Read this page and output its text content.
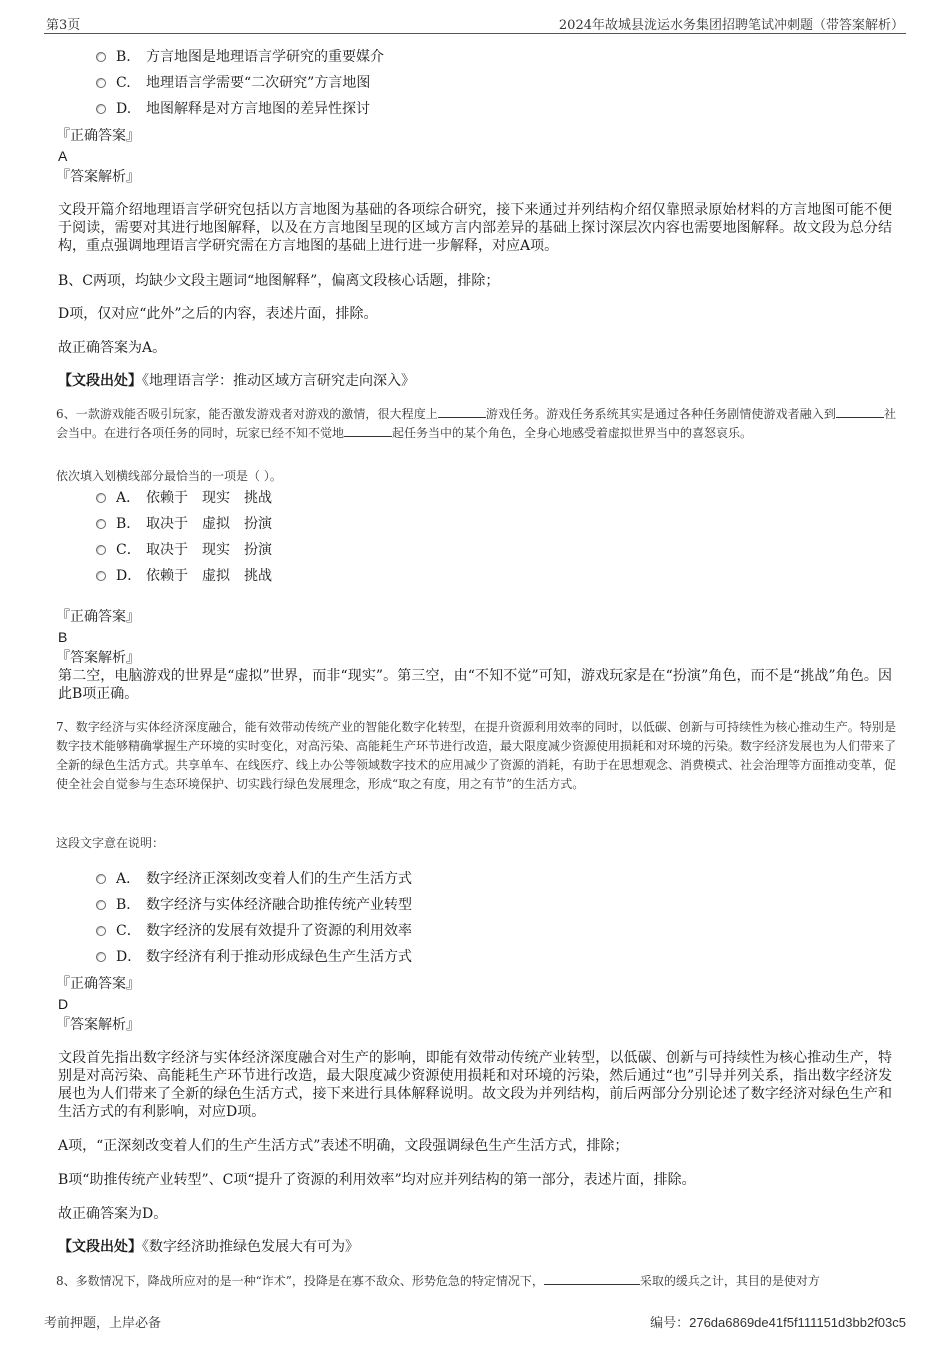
第3页	2024年故城县泷运水务集团招聘笔试冲刺题（带答案解析）
B. 方言地图是地理语言学研究的重要媒介
C. 地理语言学需要“二次研究”方言地图
D. 地图解释是对方言地图的差异性探讨
『正确答案』
A
『答案解析』
文段开篇介绍地理语言学研究包括以方言地图为基础的各项综合研究，接下来通过并列结构介绍仅靠照录原始材料的方言地图可能不便于阅读，需要对其进行地图解释，以及在方言地图呈现的区域方言内部差异的基础上探讨深层次内容也需要地图解释。故文段为总分结构，重点强调地理语言学研究需在方言地图的基础上进行进一步解释，对应A项。
B、C两项，均缺少文段主题词“地图解释”，偏离文段核心话题，排除；
D项，仅对应“此外”之后的内容，表述片面，排除。
故正确答案为A。
【文段出处】《地理语言学：推动区域方言研究走向深入》
6、一款游戏能否吸引玩家，能否激发游戏者对游戏的激情，很大程度上	游戏任务。游戏任务系统其实是通过各种任务剧情使游戏者融入到	社会当中。在进行各项任务的同时，玩家已经不知不觉地	起任务当中的某个角色，全身心地感受着虚拟世界当中的喜怒哀乐。
依次填入划横线部分最恰当的一项是（ ）。
A． 依赖于 现实 挑战
B． 取决于 虚拟 扮演
C． 取决于 现实 扮演
D． 依赖于 虚拟 挑战
『正确答案』
B
『答案解析』
第二空，电脑游戏的世界是“虚拟”世界，而非“现实”。第三空，由“不知不觉”可知，游戏玩家是在“扮演”角色，而不是“挑战”角色。因此B项正确。
7、数字经济与实体经济深度融合，能有效带动传统产业的智能化数字化转型，在提升资源利用效率的同时，以低碳、创新与可持续性为核心推动生产。特别是数字技术能够精确掌握生产环境的实时变化，对高污染、高能耗生产环节进行改造，最大限度减少资源使用损耗和对环境的污染。数字经济发展也为人们带来了全新的绿色生活方式。共享单车、在线医疗、线上办公等领域数字技术的应用减少了资源的消耗，有助于在思想观念、消费模式、社会治理等方面推动变革，促使全社会自觉参与生态环境保护、切实践行绿色发展理念，形成“取之有度，用之有节”的生活方式。
这段文字意在说明：
A． 数字经济正深刻改变着人们的生产生活方式
B． 数字经济与实体经济融合助推传统产业转型
C． 数字经济的发展有效提升了资源的利用效率
D． 数字经济有利于推动形成绿色生产生活方式
『正确答案』
D
『答案解析』
文段首先指出数字经济与实体经济深度融合对生产的影响，即能有效带动传统产业转型，以低碳、创新与可持续性为核心推动生产，特别是对高污染、高能耗生产环节进行改造，最大限度减少资源使用损耗和对环境的污染，然后通过“也”引导并列关系，指出数字经济发展也为人们带来了全新的绿色生活方式，接下来进行具体解释说明。故文段为并列结构，前后两部分分别论述了数字经济对绿色生产和生活方式的有利影响，对应D项。
A项，“正深刻改变着人们的生产生活方式”表述不明确，文段强调绿色生产生活方式，排除；
B项“助推传统产业转型”、C项“提升了资源的利用效率”均对应并列结构的第一部分，表述片面，排除。
故正确答案为D。
【文段出处】《数字经济助推绿色发展大有可为》
8、多数情况下，降战所应对的是一种“诈术”，投降是在寡不敌众、形势危急的特定情况下，	采取的缓兵之计，其目的是使对方
考前押题，上岸必备	编号：276da6869de41f5f111151d3bb2f03c5
